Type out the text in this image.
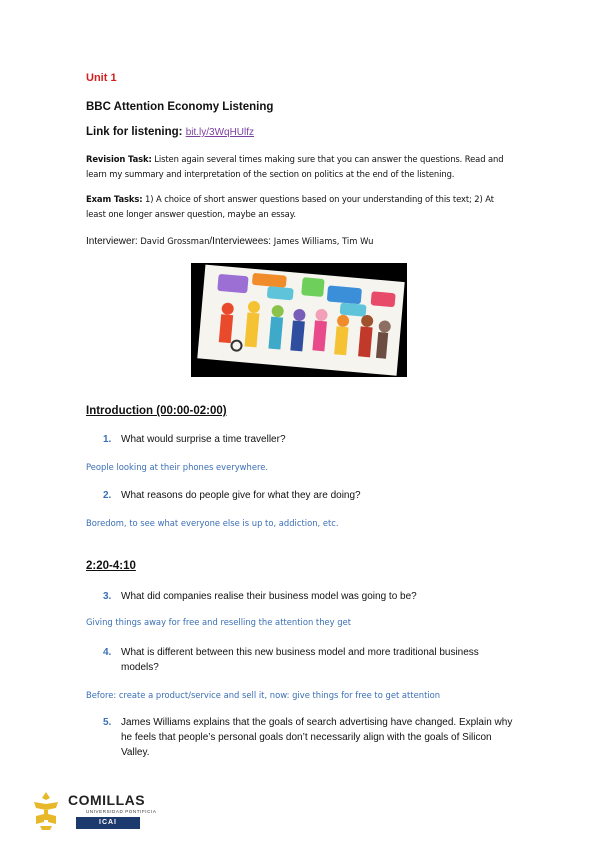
Unit 1
BBC Attention Economy Listening
Link for listening: bit.ly/3WqHUlfz
Revision Task: Listen again several times making sure that you can answer the questions. Read and learn my summary and interpretation of the section on politics at the end of the listening.
Exam Tasks: 1) A choice of short answer questions based on your understanding of this text; 2) At least one longer answer question, maybe an essay.
Interviewer: David Grossman/Interviewees: James Williams, Tim Wu
Introduction (00:00-02:00)
1. What would surprise a time traveller?
People looking at their phones everywhere.
2. What reasons do people give for what they are doing?
Boredom, to see what everyone else is up to, addiction, etc.
2:20-4:10
3. What did companies realise their business model was going to be?
Giving things away for free and reselling the attention they get
4. What is different between this new business model and more traditional business models?
Before: create a product/service and sell it, now: give things for free to get attention
5.James Williams explains that the goals of search advertising have changed. Explain why he feels that people’s personal goals don’t necessarily align with the goals of Silicon Valley.
COMILLAS
UNIVERSIDAD PONTIFICIA
ICAI
